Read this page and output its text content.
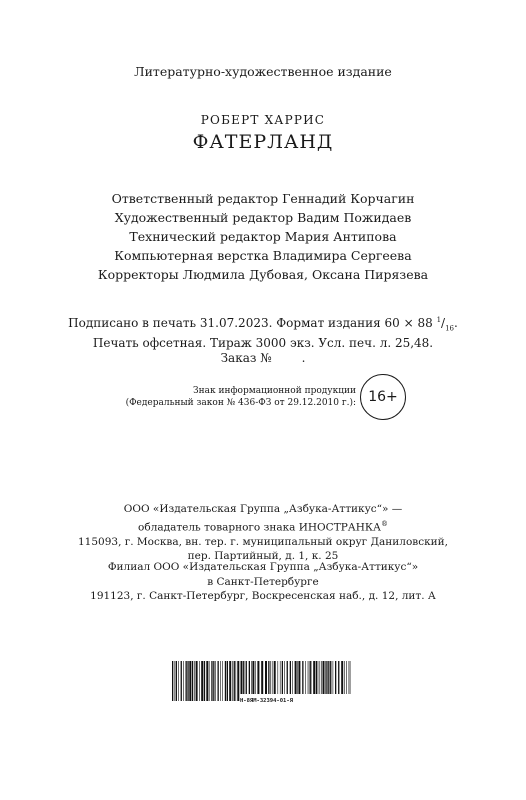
Литературно-художественное издание
РОБЕРТ ХАРРИС
ФАТЕРЛАНД
Ответственный редактор Геннадий Корчагин
Художественный редактор Вадим Пожидаев
Технический редактор Мария Антипова
Компьютерная верстка Владимира Сергеева
Корректоры Людмила Дубовая, Оксана Пирязева
Подписано в печать 31.07.2023. Формат издания 60 × 88 $^1/_{16}$.
Печать офсетная. Тираж 3000 экз. Усл. печ. л. 25,48.
Заказ №	.
Знак информационной продукции
(Федеральный закон № 436-ФЗ от 29.12.2010 г.): 16+
ООО «Издательская Группа „Азбука-Аттикус“» —
обладатель товарного знака ИНОСТРАНКА®
115093, г. Москва, вн. тер. г. муниципальный округ Даниловский,
пер. Партийный, д. 1, к. 25
Филиал ООО «Издательская Группа „Азбука-Аттикус“»
в Санкт-Петербурге
191123, г. Санкт-Петербург, Воскресенская наб., д. 12, лит. А
Н-8ЯМ-32394-01-Я
